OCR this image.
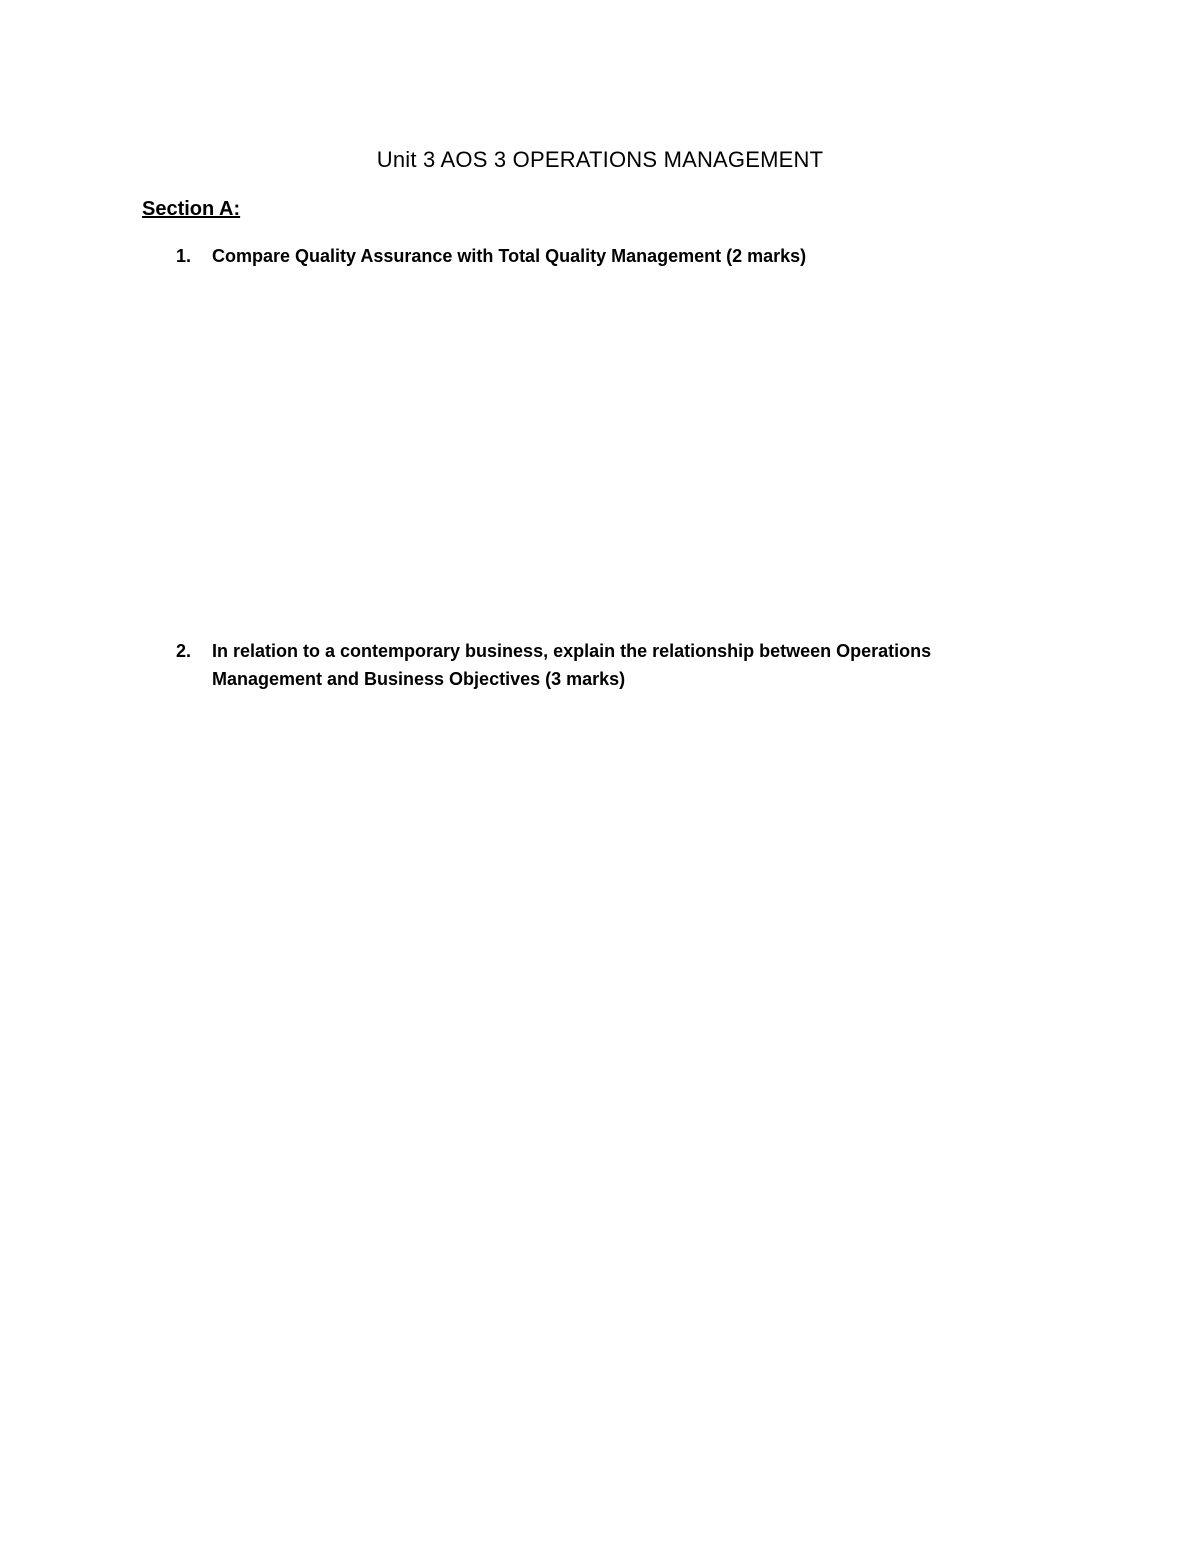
Unit 3 AOS 3 OPERATIONS MANAGEMENT
Section A:
1.	Compare Quality Assurance with Total Quality Management (2 marks)
2.	In relation to a contemporary business, explain the relationship between Operations Management and Business Objectives (3 marks)
